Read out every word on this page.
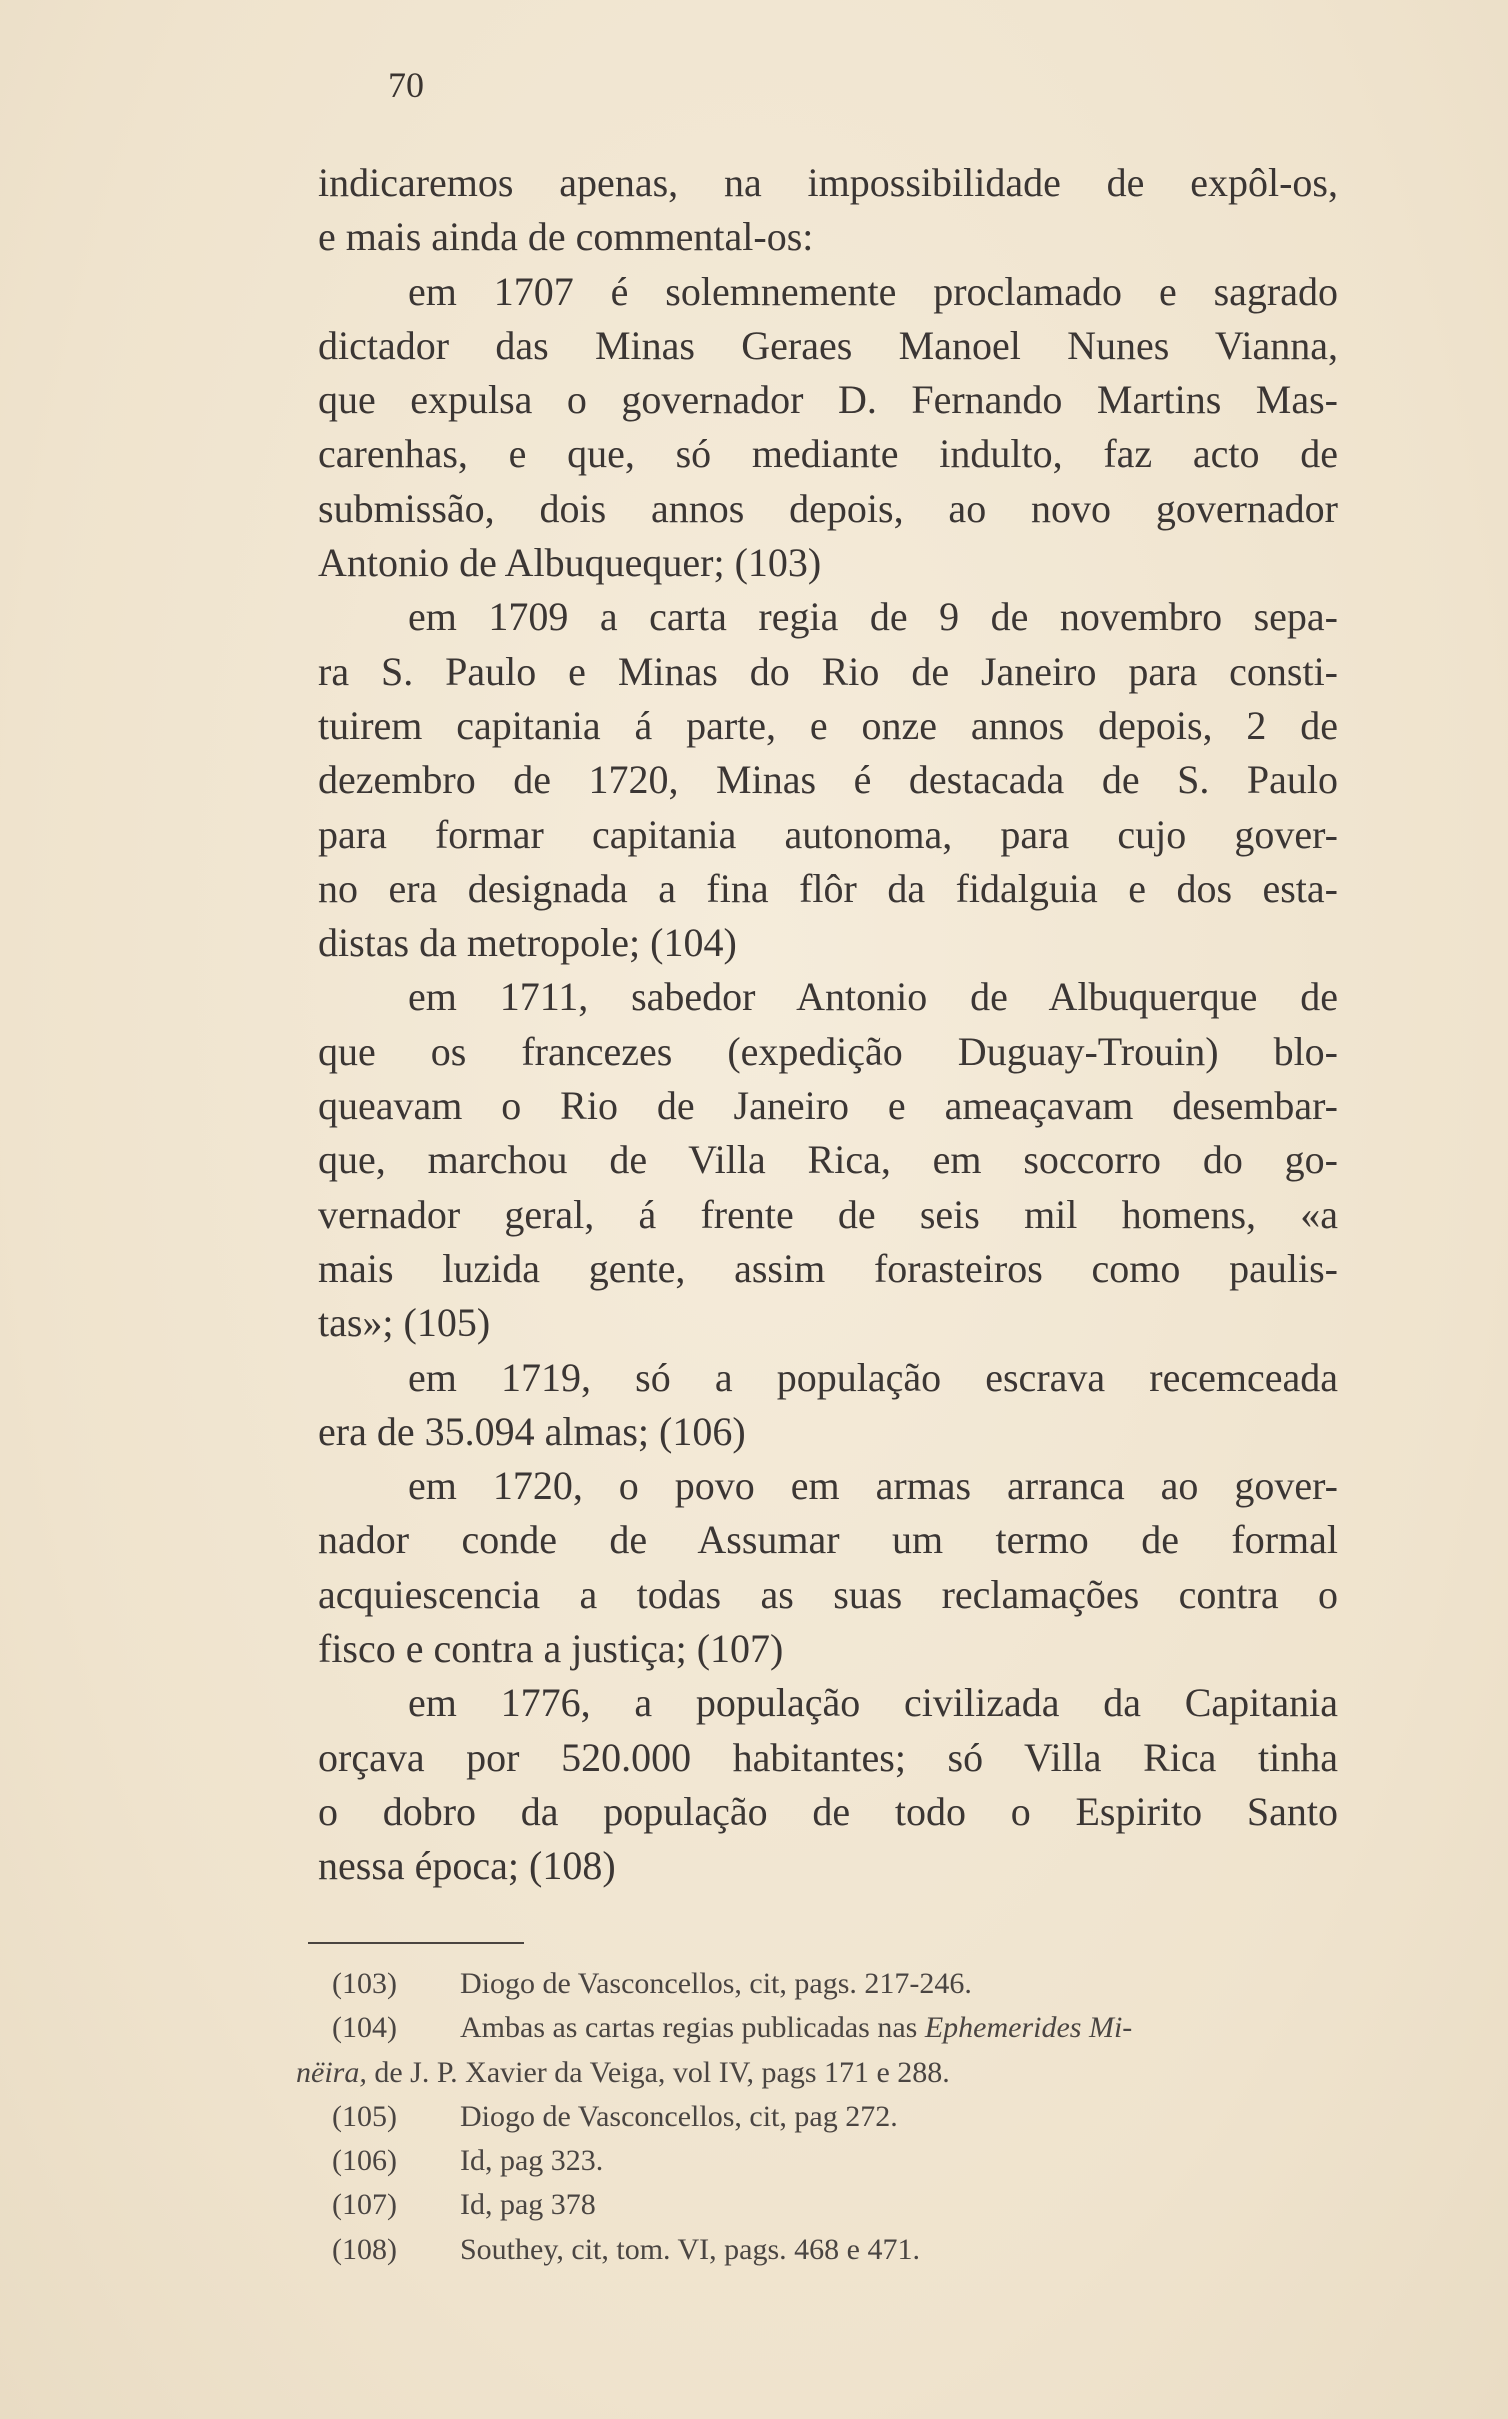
70
indicaremos apenas, na impossibilidade de expôl-os,
e mais ainda de commental-os:
em 1707 é solemnemente proclamado e sagrado
dictador das Minas Geraes Manoel Nunes Vianna,
que expulsa o governador D. Fernando Martins Mas-
carenhas, e que, só mediante indulto, faz acto de
submissão, dois annos depois, ao novo governador
Antonio de Albuquequer; (103)
em 1709 a carta regia de 9 de novembro sepa-
ra S. Paulo e Minas do Rio de Janeiro para consti-
tuirem capitania á parte, e onze annos depois, 2 de
dezembro de 1720, Minas é destacada de S. Paulo
para formar capitania autonoma, para cujo gover-
no era designada a fina flôr da fidalguia e dos esta-
distas da metropole; (104)
em 1711, sabedor Antonio de Albuquerque de
que os francezes (expedição Duguay-Trouin) blo-
queavam o Rio de Janeiro e ameaçavam desembar-
que, marchou de Villa Rica, em soccorro do go-
vernador geral, á frente de seis mil homens, «a
mais luzida gente, assim forasteiros como paulis-
tas»; (105)
em 1719, só a população escrava recemceada
era de 35.094 almas; (106)
em 1720, o povo em armas arranca ao gover-
nador conde de Assumar um termo de formal
acquiescencia a todas as suas reclamações contra o
fisco e contra a justiça; (107)
em 1776, a população civilizada da Capitania
orçava por 520.000 habitantes; só Villa Rica tinha
o dobro da população de todo o Espirito Santo
nessa época; (108)
(103) Diogo de Vasconcellos, cit, pags. 217-246.
(104) Ambas as cartas regias publicadas nas Ephemerides Mi-
nëira, de J. P. Xavier da Veiga, vol IV, pags 171 e 288.
(105) Diogo de Vasconcellos, cit, pag 272.
(106) Id, pag 323.
(107) Id, pag 378
(108) Southey, cit, tom. VI, pags. 468 e 471.
